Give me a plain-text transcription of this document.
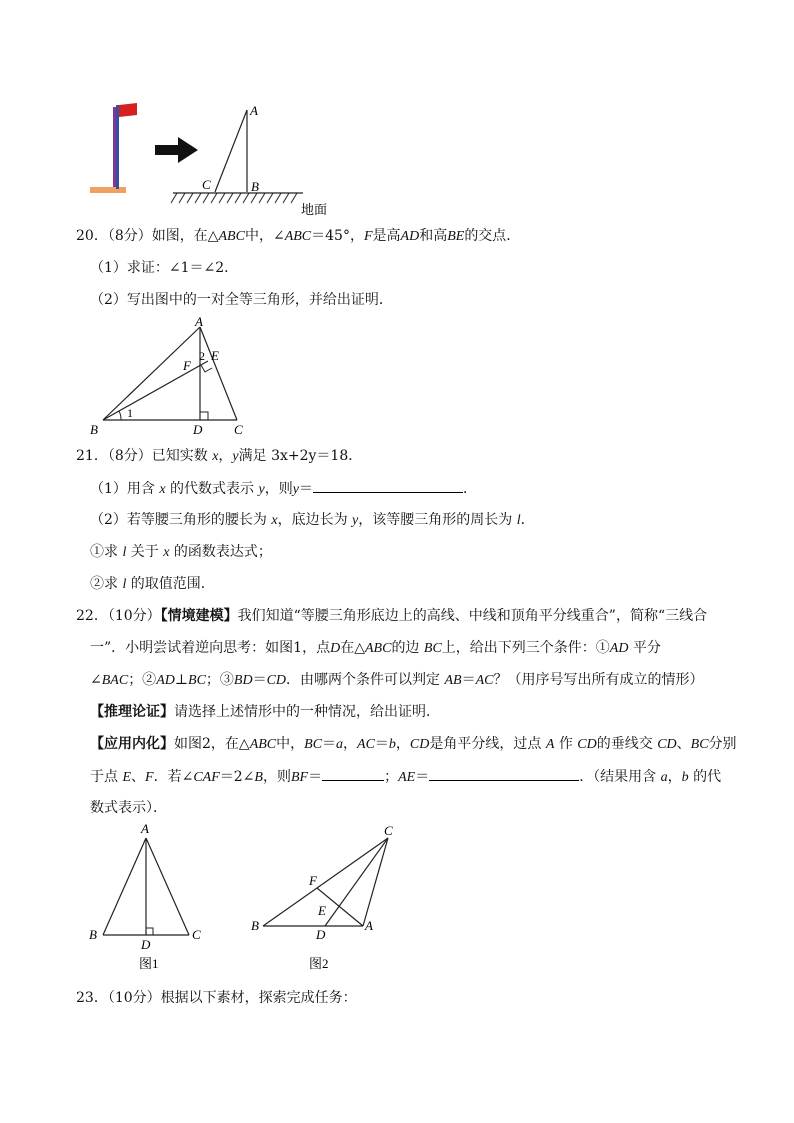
A
B
C
地面
20．（8分）如图，在△ABC中，∠ABC＝45°，F是高AD和高BE的交点．
（1）求证：∠1＝∠2．
（2）写出图中的一对全等三角形，并给出证明．
A
B	C
D
E
F
1
2
21．（8分）已知实数 x，y满足 3x+2y＝18．
（1）用含 x 的代数式表示 y，则y＝	．
（2）若等腰三角形的腰长为 x，底边长为 y，该等腰三角形的周长为 l．
①求 l 关于 x 的函数表达式；
②求 l 的取值范围．
22．（10分）【情境建模】我们知道“等腰三角形底边上的高线、中线和顶角平分线重合”，简称“三线合
一”．小明尝试着逆向思考：如图1，点D在△ABC的边 BC上，给出下列三个条件：①AD 平分
∠BAC；②AD⊥BC；③BD＝CD．由哪两个条件可以判定 AB＝AC？（用序号写出所有成立的情形）
【推理论证】请选择上述情形中的一种情况，给出证明．
【应用内化】如图2，在△ABC中，BC＝a，AC＝b，CD是角平分线，过点 A 作 CD的垂线交 CD、BC分别
于点 E、F．若∠CAF＝2∠B，则BF＝	；AE＝	．（结果用含 a，b 的代
数式表示）．
A
B	C
D
图1
C
B	A
D
E
F
图2
23．（10分）根据以下素材，探索完成任务：
